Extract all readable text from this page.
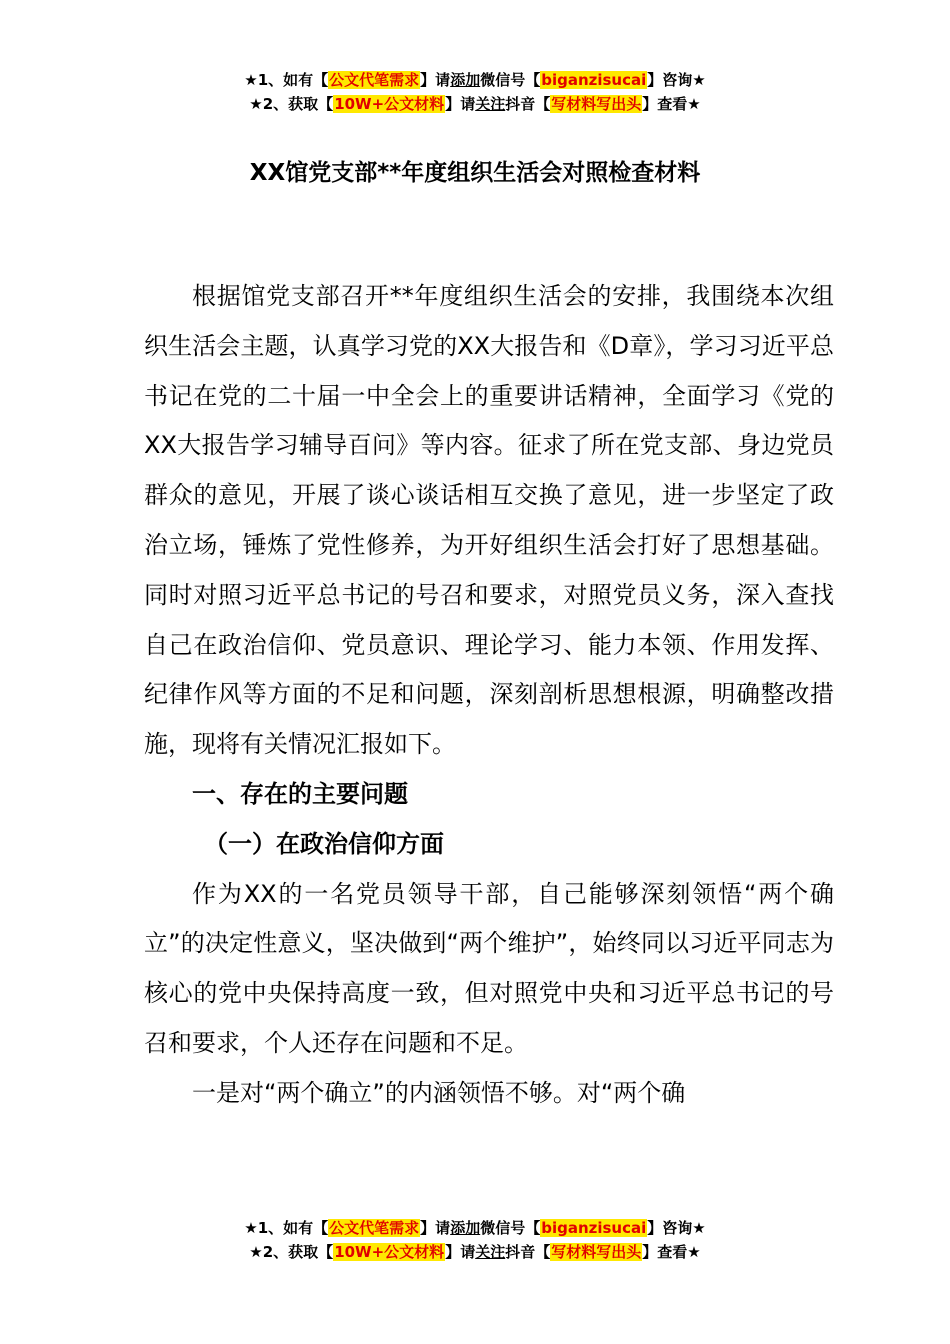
★1、如有【公文代笔需求】请添加微信号【biganzisucai】咨询★
★2、获取【10W+公文材料】请关注抖音【写材料写出头】查看★
XX馆党支部**年度组织生活会对照检查材料

根据馆党支部召开**年度组织生活会的安排，我围绕本次组织生活会主题，认真学习党的XX大报告和《D章》，学习习近平总书记在党的二十届一中全会上的重要讲话精神，全面学习《党的XX大报告学习辅导百问》等内容。征求了所在党支部、身边党员群众的意见，开展了谈心谈话相互交换了意见，进一步坚定了政治立场，锤炼了党性修养，为开好组织生活会打好了思想基础。同时对照习近平总书记的号召和要求，对照党员义务，深入查找自己在政治信仰、党员意识、理论学习、能力本领、作用发挥、纪律作风等方面的不足和问题，深刻剖析思想根源，明确整改措施，现将有关情况汇报如下。

一、存在的主要问题

（一）在政治信仰方面

作为XX的一名党员领导干部，自己能够深刻领悟“两个确立”的决定性意义，坚决做到“两个维护”，始终同以习近平同志为核心的党中央保持高度一致，但对照党中央和习近平总书记的号召和要求，个人还存在问题和不足。

一是对“两个确立”的内涵领悟不够。对“两个确

★1、如有【公文代笔需求】请添加微信号【biganzisucai】咨询★
★2、获取【10W+公文材料】请关注抖音【写材料写出头】查看★
